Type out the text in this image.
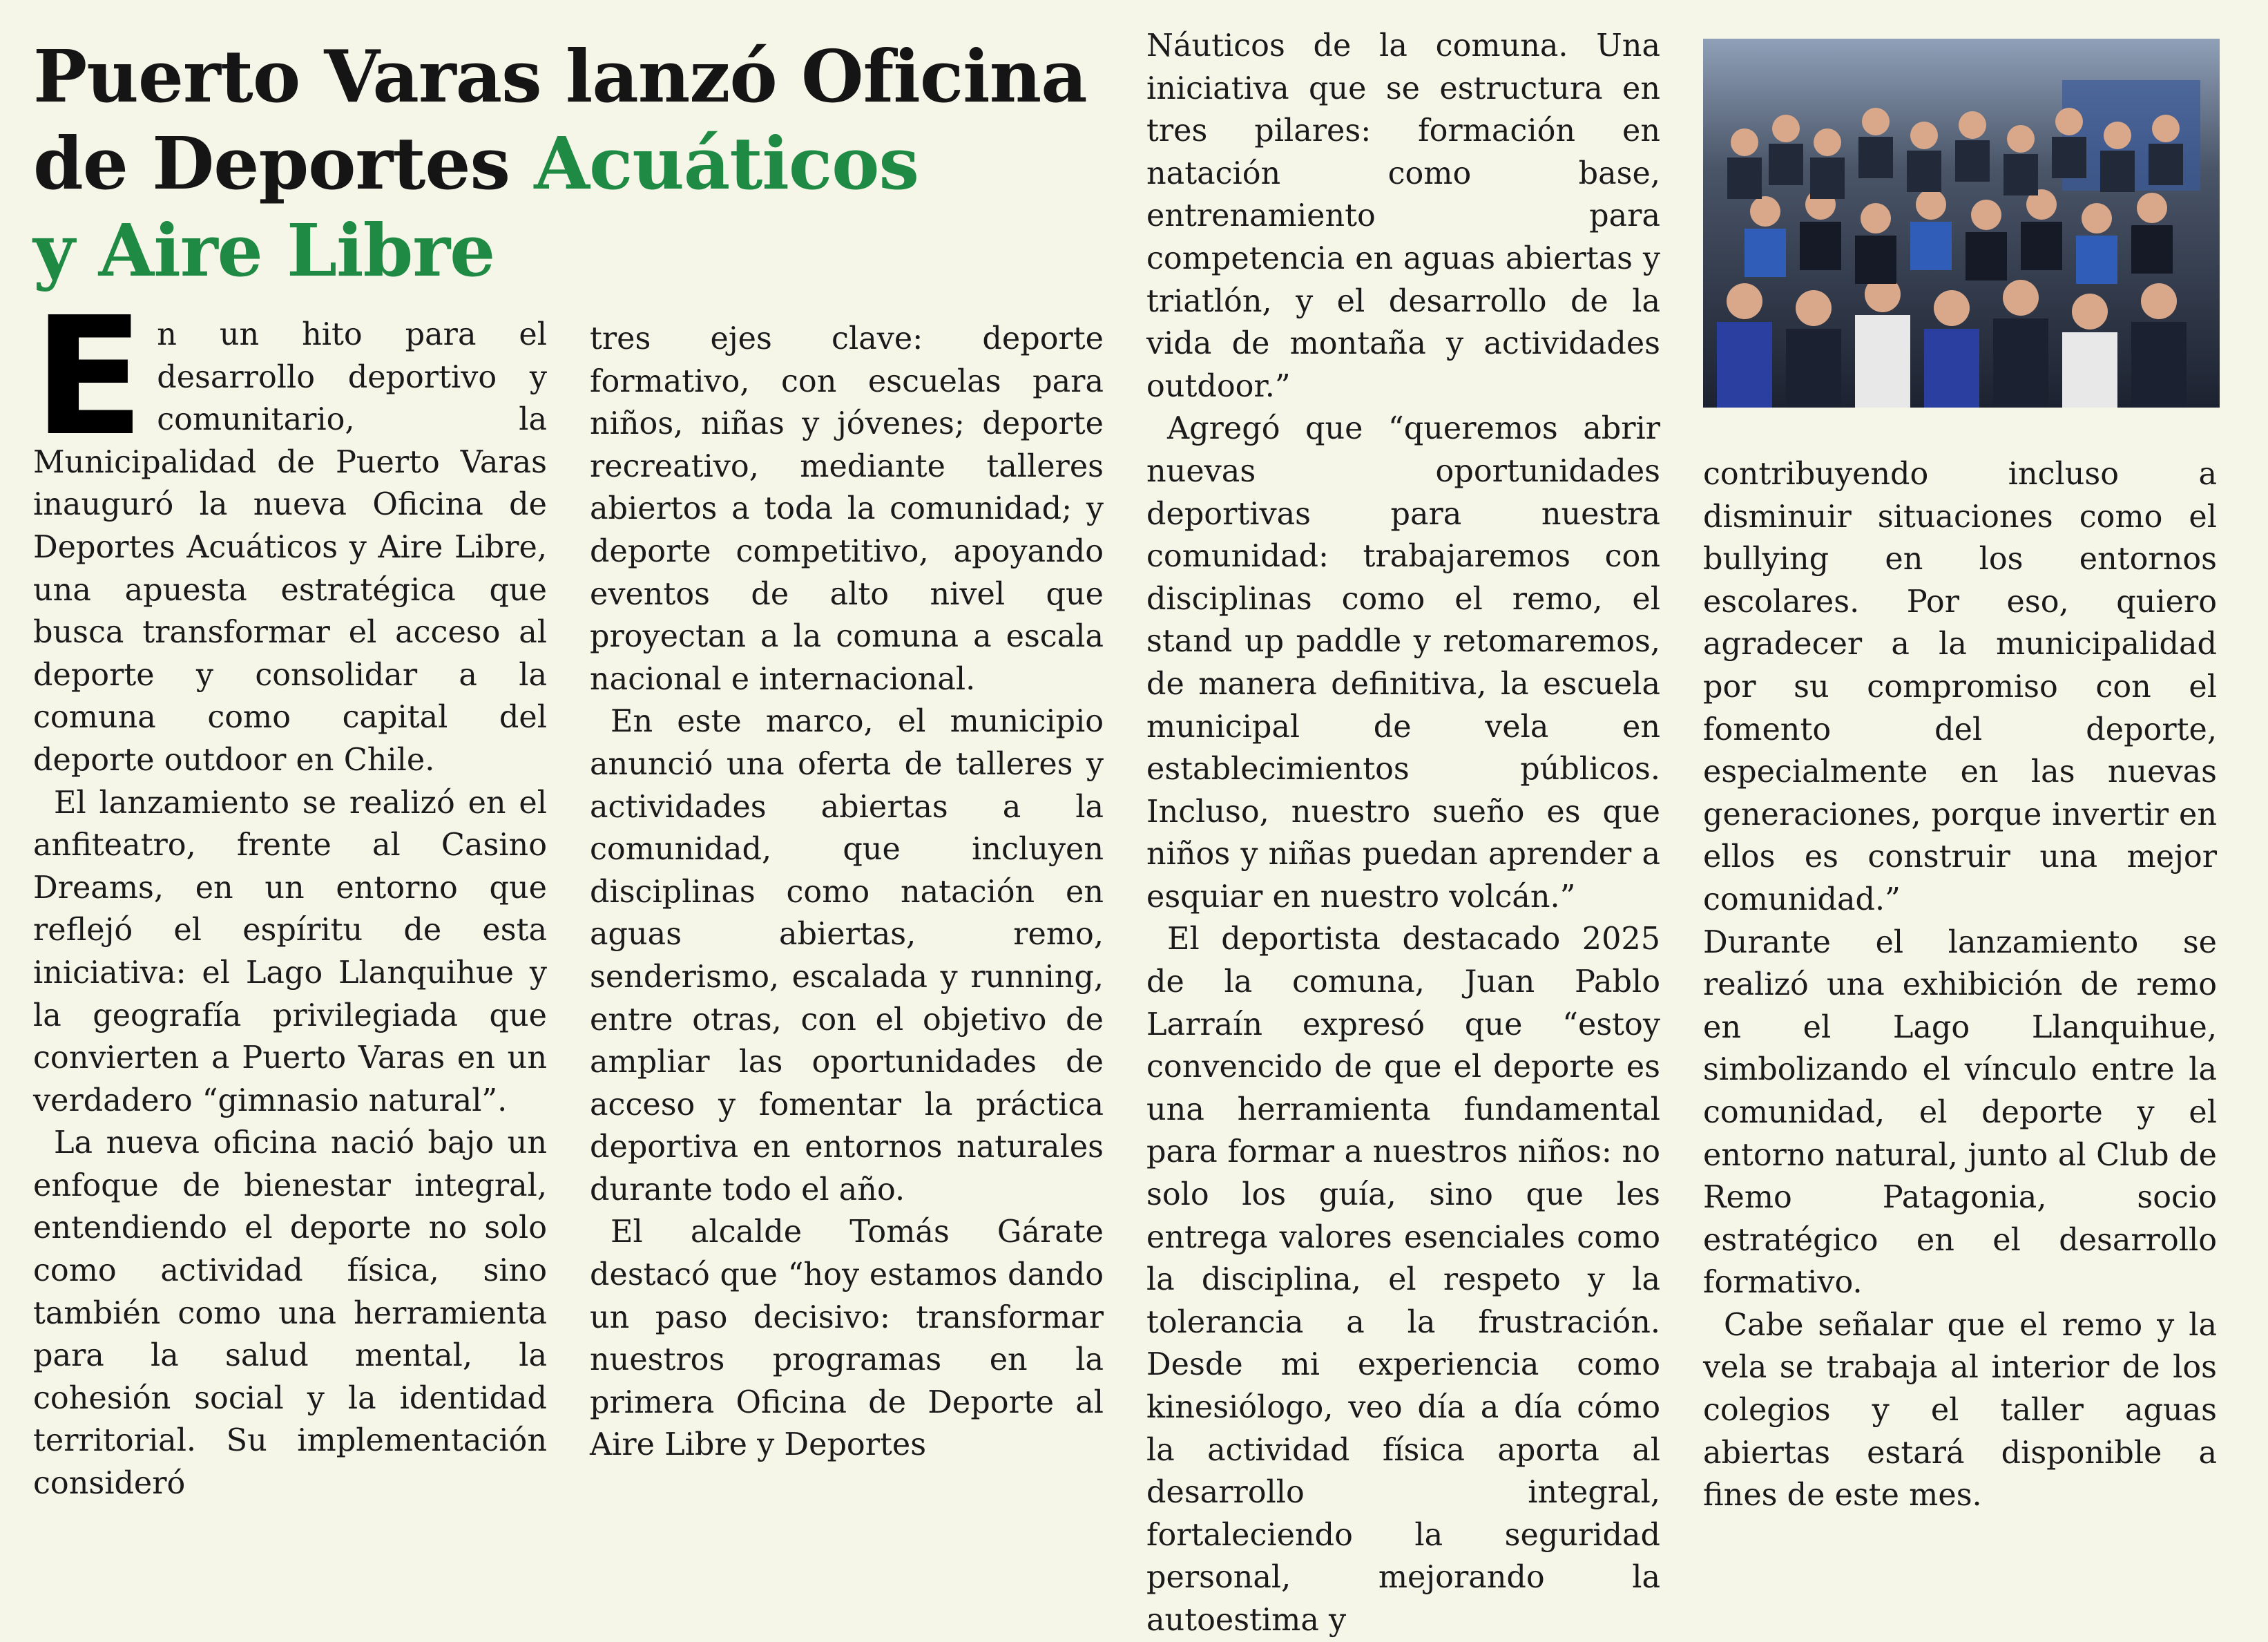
Puerto Varas lanzó Oficina
de Deportes Acuáticos
y Aire Libre
E n un hito para el desarrollo deportivo y comunitario, la Municipalidad de Puerto Varas inauguró la nueva Oficina de Deportes Acuáticos y Aire Libre, una apuesta estratégica que busca transformar el acceso al deporte y consolidar a la comuna como capital del deporte outdoor en Chile.

El lanzamiento se realizó en el anfiteatro, frente al Casino Dreams, en un entorno que reflejó el espíritu de esta iniciativa: el Lago Llanquihue y la geografía privilegiada que convierten a Puerto Varas en un verdadero “gimnasio natural”.

La nueva oficina nació bajo un enfoque de bienestar integral, entendiendo el deporte no solo como actividad física, sino también como una herramienta para la salud mental, la cohesión social y la identidad territorial. Su implementación consideró

tres ejes clave: deporte formativo, con escuelas para niños, niñas y jóvenes; deporte recreativo, mediante talleres abiertos a toda la comunidad; y deporte competitivo, apoyando eventos de alto nivel que proyectan a la comuna a escala nacional e internacional.

En este marco, el municipio anunció una oferta de talleres y actividades abiertas a la comunidad, que incluyen disciplinas como natación en aguas abiertas, remo, senderismo, escalada y running, entre otras, con el objetivo de ampliar las oportunidades de acceso y fomentar la práctica deportiva en entornos naturales durante todo el año.

El alcalde Tomás Gárate destacó que “hoy estamos dando un paso decisivo: transformar nuestros programas en la primera Oficina de Deporte al Aire Libre y Deportes

Náuticos de la comuna. Una iniciativa que se estructura en tres pilares: formación en natación como base, entrenamiento para competencia en aguas abiertas y triatlón, y el desarrollo de la vida de montaña y actividades outdoor.”

Agregó que “queremos abrir nuevas oportunidades deportivas para nuestra comunidad: trabajaremos con disciplinas como el remo, el stand up paddle y retomaremos, de manera definitiva, la escuela municipal de vela en establecimientos públicos. Incluso, nuestro sueño es que niños y niñas puedan aprender a esquiar en nuestro volcán.”

El deportista destacado 2025 de la comuna, Juan Pablo Larraín expresó que “estoy convencido de que el deporte es una herramienta fundamental para formar a nuestros niños: no solo los guía, sino que les entrega valores esenciales como la disciplina, el respeto y la tolerancia a la frustración. Desde mi experiencia como kinesiólogo, veo día a día cómo la actividad física aporta al desarrollo integral, fortaleciendo la seguridad personal, mejorando la autoestima y

contribuyendo incluso a disminuir situaciones como el bullying en los entornos escolares. Por eso, quiero agradecer a la municipalidad por su compromiso con el fomento del deporte, especialmente en las nuevas generaciones, porque invertir en ellos es construir una mejor comunidad.”

Durante el lanzamiento se realizó una exhibición de remo en el Lago Llanquihue, simbolizando el vínculo entre la comunidad, el deporte y el entorno natural, junto al Club de Remo Patagonia, socio estratégico en el desarrollo formativo.

Cabe señalar que el remo y la vela se trabaja al interior de los colegios y el taller aguas abiertas estará disponible a fines de este mes.
